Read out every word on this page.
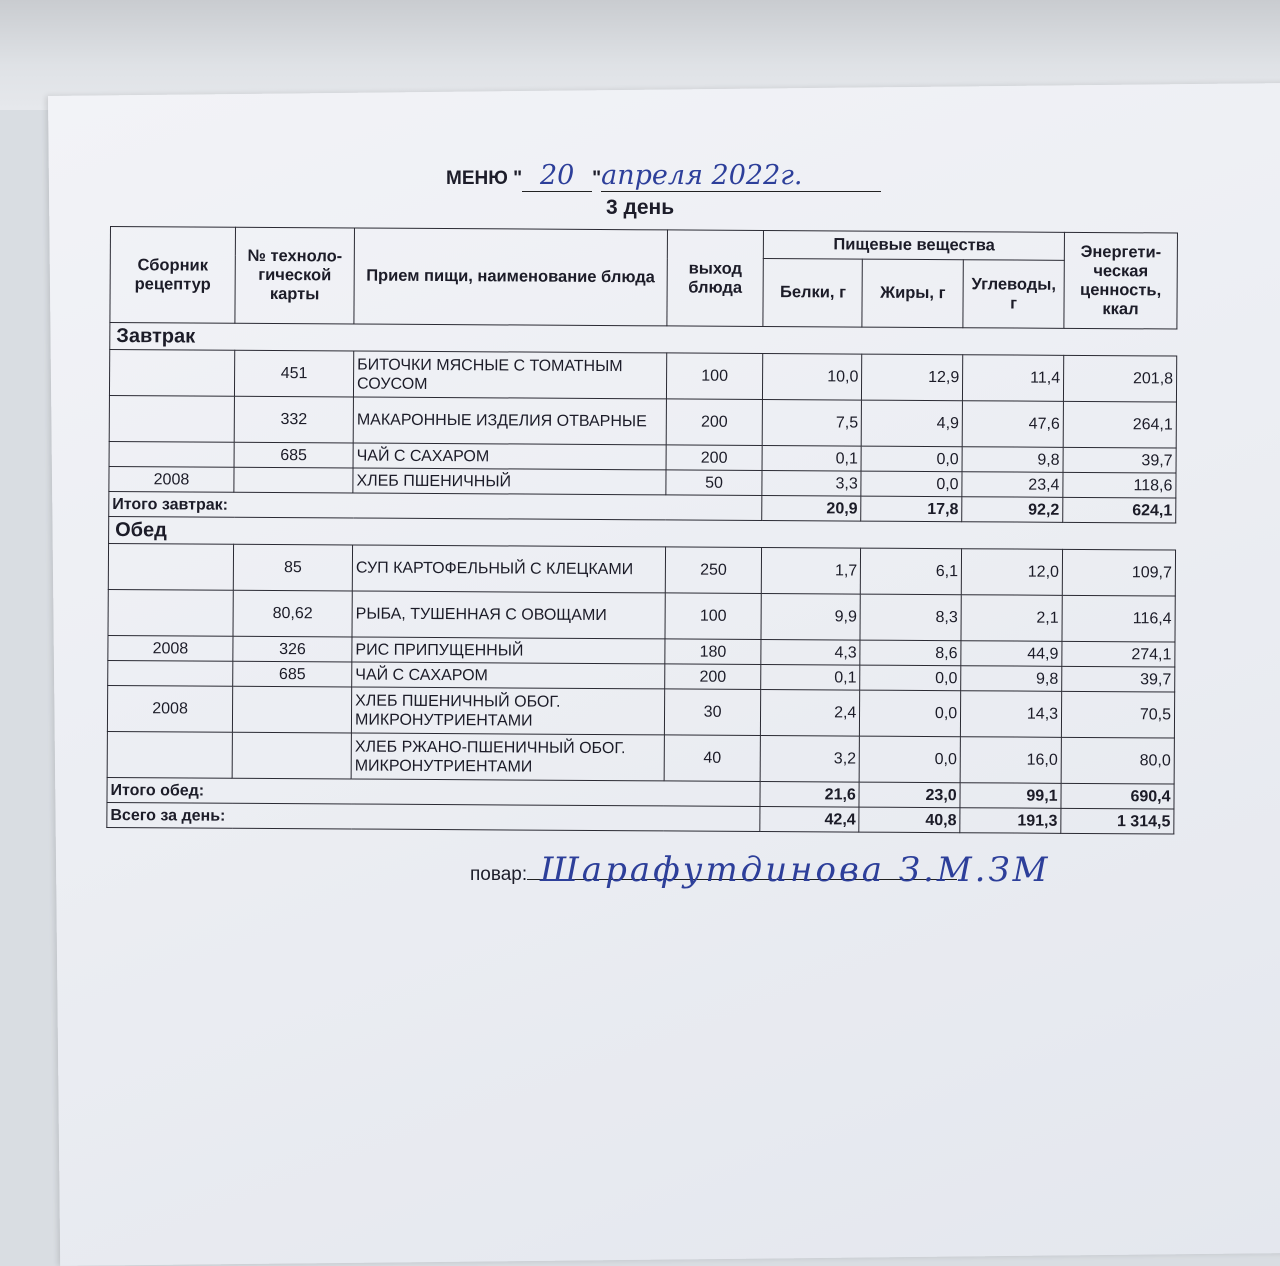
МЕНЮ " 20 "апреля 2022г.
3 день
Сборник рецептур	№ техноло-гической карты	Прием пищи, наименование блюда	выход блюда	Пищевые вещества			Энергети-ческая ценность, ккал
				Белки, г	Жиры, г	Углеводы, г	
Завтрак							
	451	БИТОЧКИ МЯСНЫЕ С ТОМАТНЫМ СОУСОМ	100	10,0	12,9	11,4	201,8
	332	МАКАРОННЫЕ ИЗДЕЛИЯ ОТВАРНЫЕ	200	7,5	4,9	47,6	264,1
	685	ЧАЙ С САХАРОМ	200	0,1	0,0	9,8	39,7
2008		ХЛЕБ ПШЕНИЧНЫЙ	50	3,3	0,0	23,4	118,6
Итого завтрак:				20,9	17,8	92,2	624,1
Обед							
	85	СУП КАРТОФЕЛЬНЫЙ С КЛЕЦКАМИ	250	1,7	6,1	12,0	109,7
	80,62	РЫБА, ТУШЕННАЯ С ОВОЩАМИ	100	9,9	8,3	2,1	116,4
2008	326	РИС ПРИПУЩЕННЫЙ	180	4,3	8,6	44,9	274,1
	685	ЧАЙ С САХАРОМ	200	0,1	0,0	9,8	39,7
2008		ХЛЕБ ПШЕНИЧНЫЙ ОБОГ. МИКРОНУТРИЕНТАМИ	30	2,4	0,0	14,3	70,5
		ХЛЕБ РЖАНО-ПШЕНИЧНЫЙ ОБОГ. МИКРОНУТРИЕНТАМИ	40	3,2	0,0	16,0	80,0
Итого обед:				21,6	23,0	99,1	690,4
Всего за день:				42,4	40,8	191,3	1 314,5
повар: Шарафутдинова З.М.ЗМ
